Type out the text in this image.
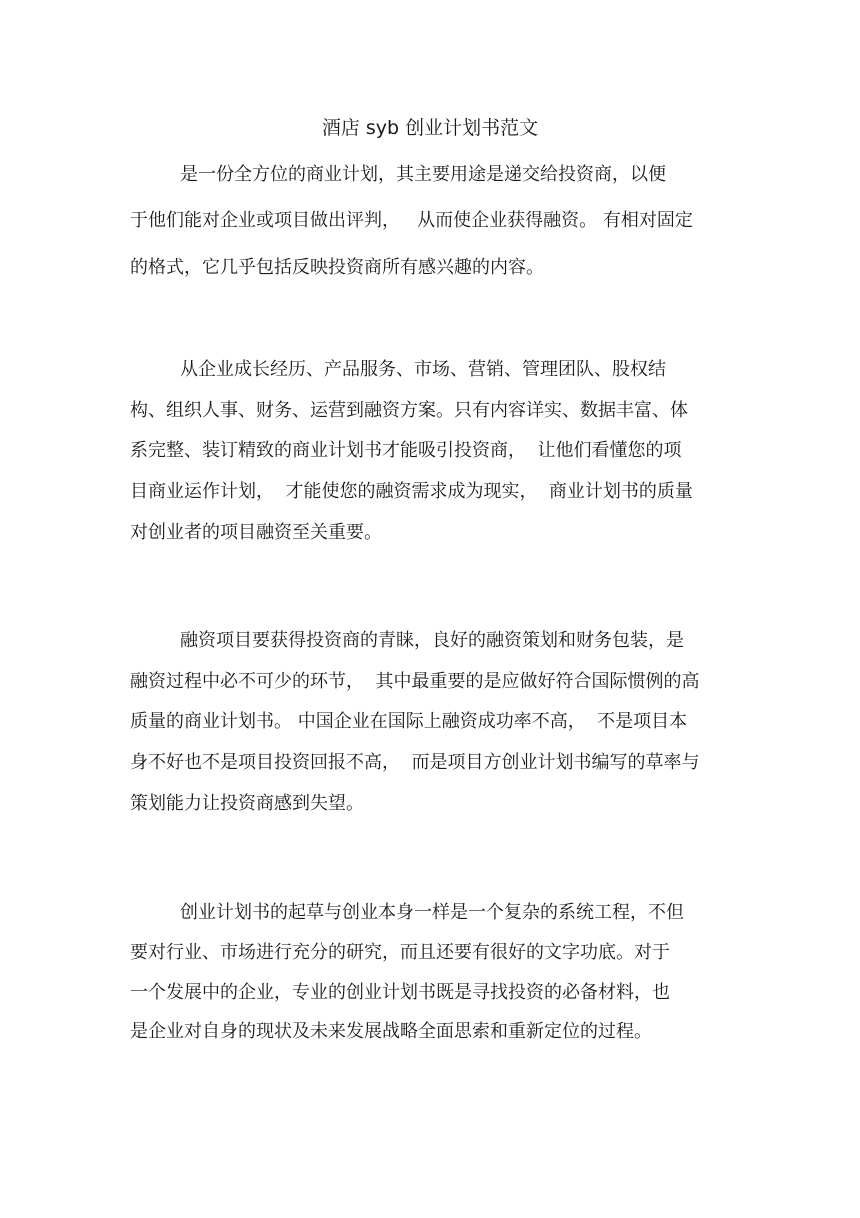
酒店 syb 创业计划书范文
是一份全方位的商业计划，其主要用途是递交给投资商，以便
于他们能对企业或项目做出评判，   从而使企业获得融资。 有相对固定
的格式，它几乎包括反映投资商所有感兴趣的内容。
从企业成长经历、产品服务、市场、营销、管理团队、股权结
构、组织人事、财务、运营到融资方案。只有内容详实、数据丰富、体
系完整、装订精致的商业计划书才能吸引投资商，  让他们看懂您的项
目商业运作计划，  才能使您的融资需求成为现实，  商业计划书的质量
对创业者的项目融资至关重要。
融资项目要获得投资商的青睐，良好的融资策划和财务包装，是
融资过程中必不可少的环节，  其中最重要的是应做好符合国际惯例的高
质量的商业计划书。 中国企业在国际上融资成功率不高，  不是项目本
身不好也不是项目投资回报不高，  而是项目方创业计划书编写的草率与
策划能力让投资商感到失望。
创业计划书的起草与创业本身一样是一个复杂的系统工程，不但
要对行业、市场进行充分的研究，而且还要有很好的文字功底。对于
一个发展中的企业，专业的创业计划书既是寻找投资的必备材料，也
是企业对自身的现状及未来发展战略全面思索和重新定位的过程。
